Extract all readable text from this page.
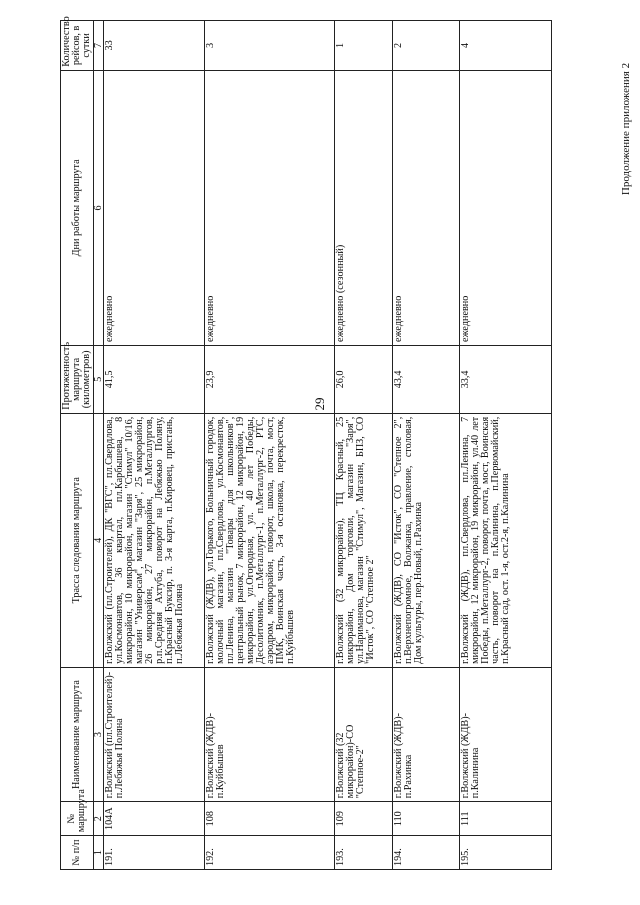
29
Продолжение приложения 2
№ п/п	№ маршрута	Наименование маршрута	Трасса следования маршрута	Протяженность маршрута (километров)	Дни работы маршрута	Количество рейсов, в сутки
1	2	3	4	5	6	7
191.	104А	г.Волжский (пл.Строителей)-п.Лебяжья Поляна	г.Волжский (пл.Строителей), ДК "ВГС", пл.Свердлова, ул.Космонавтов, 36 квартал, пл.Карбышева, 8 микрорайон, 10 микрорайон, магазин "Стимул" 10/16, магазин "Универсам", магазин "Заря", 25 микрорайон, 26 микрорайон, 27 микрорайон, п.Металлургов, р.п.Средняя Ахтуба, поворот на Лебяжью Поляну, п.Красный Буксир, п. 3-я карта, п.Кировец, пристань, п.Лебяжья Поляна	41,5	ежедневно	33
192.	108	г.Волжский (ЖДВ)-п.Куйбышев	г.Волжский (ЖДВ), ул.Горького, Больничный городок, молочный магазин, пл.Свердлова, ул.Космонавтов, пл.Ленина, магазин "Товары для школьников", центральный рынок, 7 микрорайон, 12 микрорайон, 19 микрорайон, ул.Огородная, ул. 40 лет Победы, Десолитомник, п.Металлург-1, п.Металлург-2, РТС, аэродром, микрорайон, поворот, школа, почта, мост, ПМК, Воинская часть, 3-я остановка, перекресток, п.Куйбышев	23,9	ежедневно	3
193.	109	г.Волжский (32 микрорайон)-СО "Степное-2"	г.Волжский (32 микрорайон), ТЦ Красный, 25 микрорайон, Дом торговли, магазин "Заря", ул.Нариманова, магазин "Стимул", Магазин, БПЗ, СО "Исток", СО "Степное 2"	26,0	ежедневно (сезонный)	1
194.	110	г.Волжский (ЖДВ)-п.Рахинка	г.Волжский (ЖДВ), СО "Исток", СО "Степное 2", п.Верхнепогромное, Волжанка, правление, столовая, Дом культуры, пер.Новый, п.Рахинка	43,4	ежедневно	2
195.	111	г.Волжский (ЖДВ)-п.Калинина	г.Волжский (ЖДВ), пл.Свердлова, пл.Ленина, 7 микрорайон, 12 микрорайон, 19 микрорайон, ул.40 лет Победы, п.Металлург-2, поворот, почта, мост, Воинская часть, поворот на п.Калинина, п.Первомайский, п.Красный сад, ост. 1-я, ост.2-я, п.Калинина	33,4	ежедневно	4
